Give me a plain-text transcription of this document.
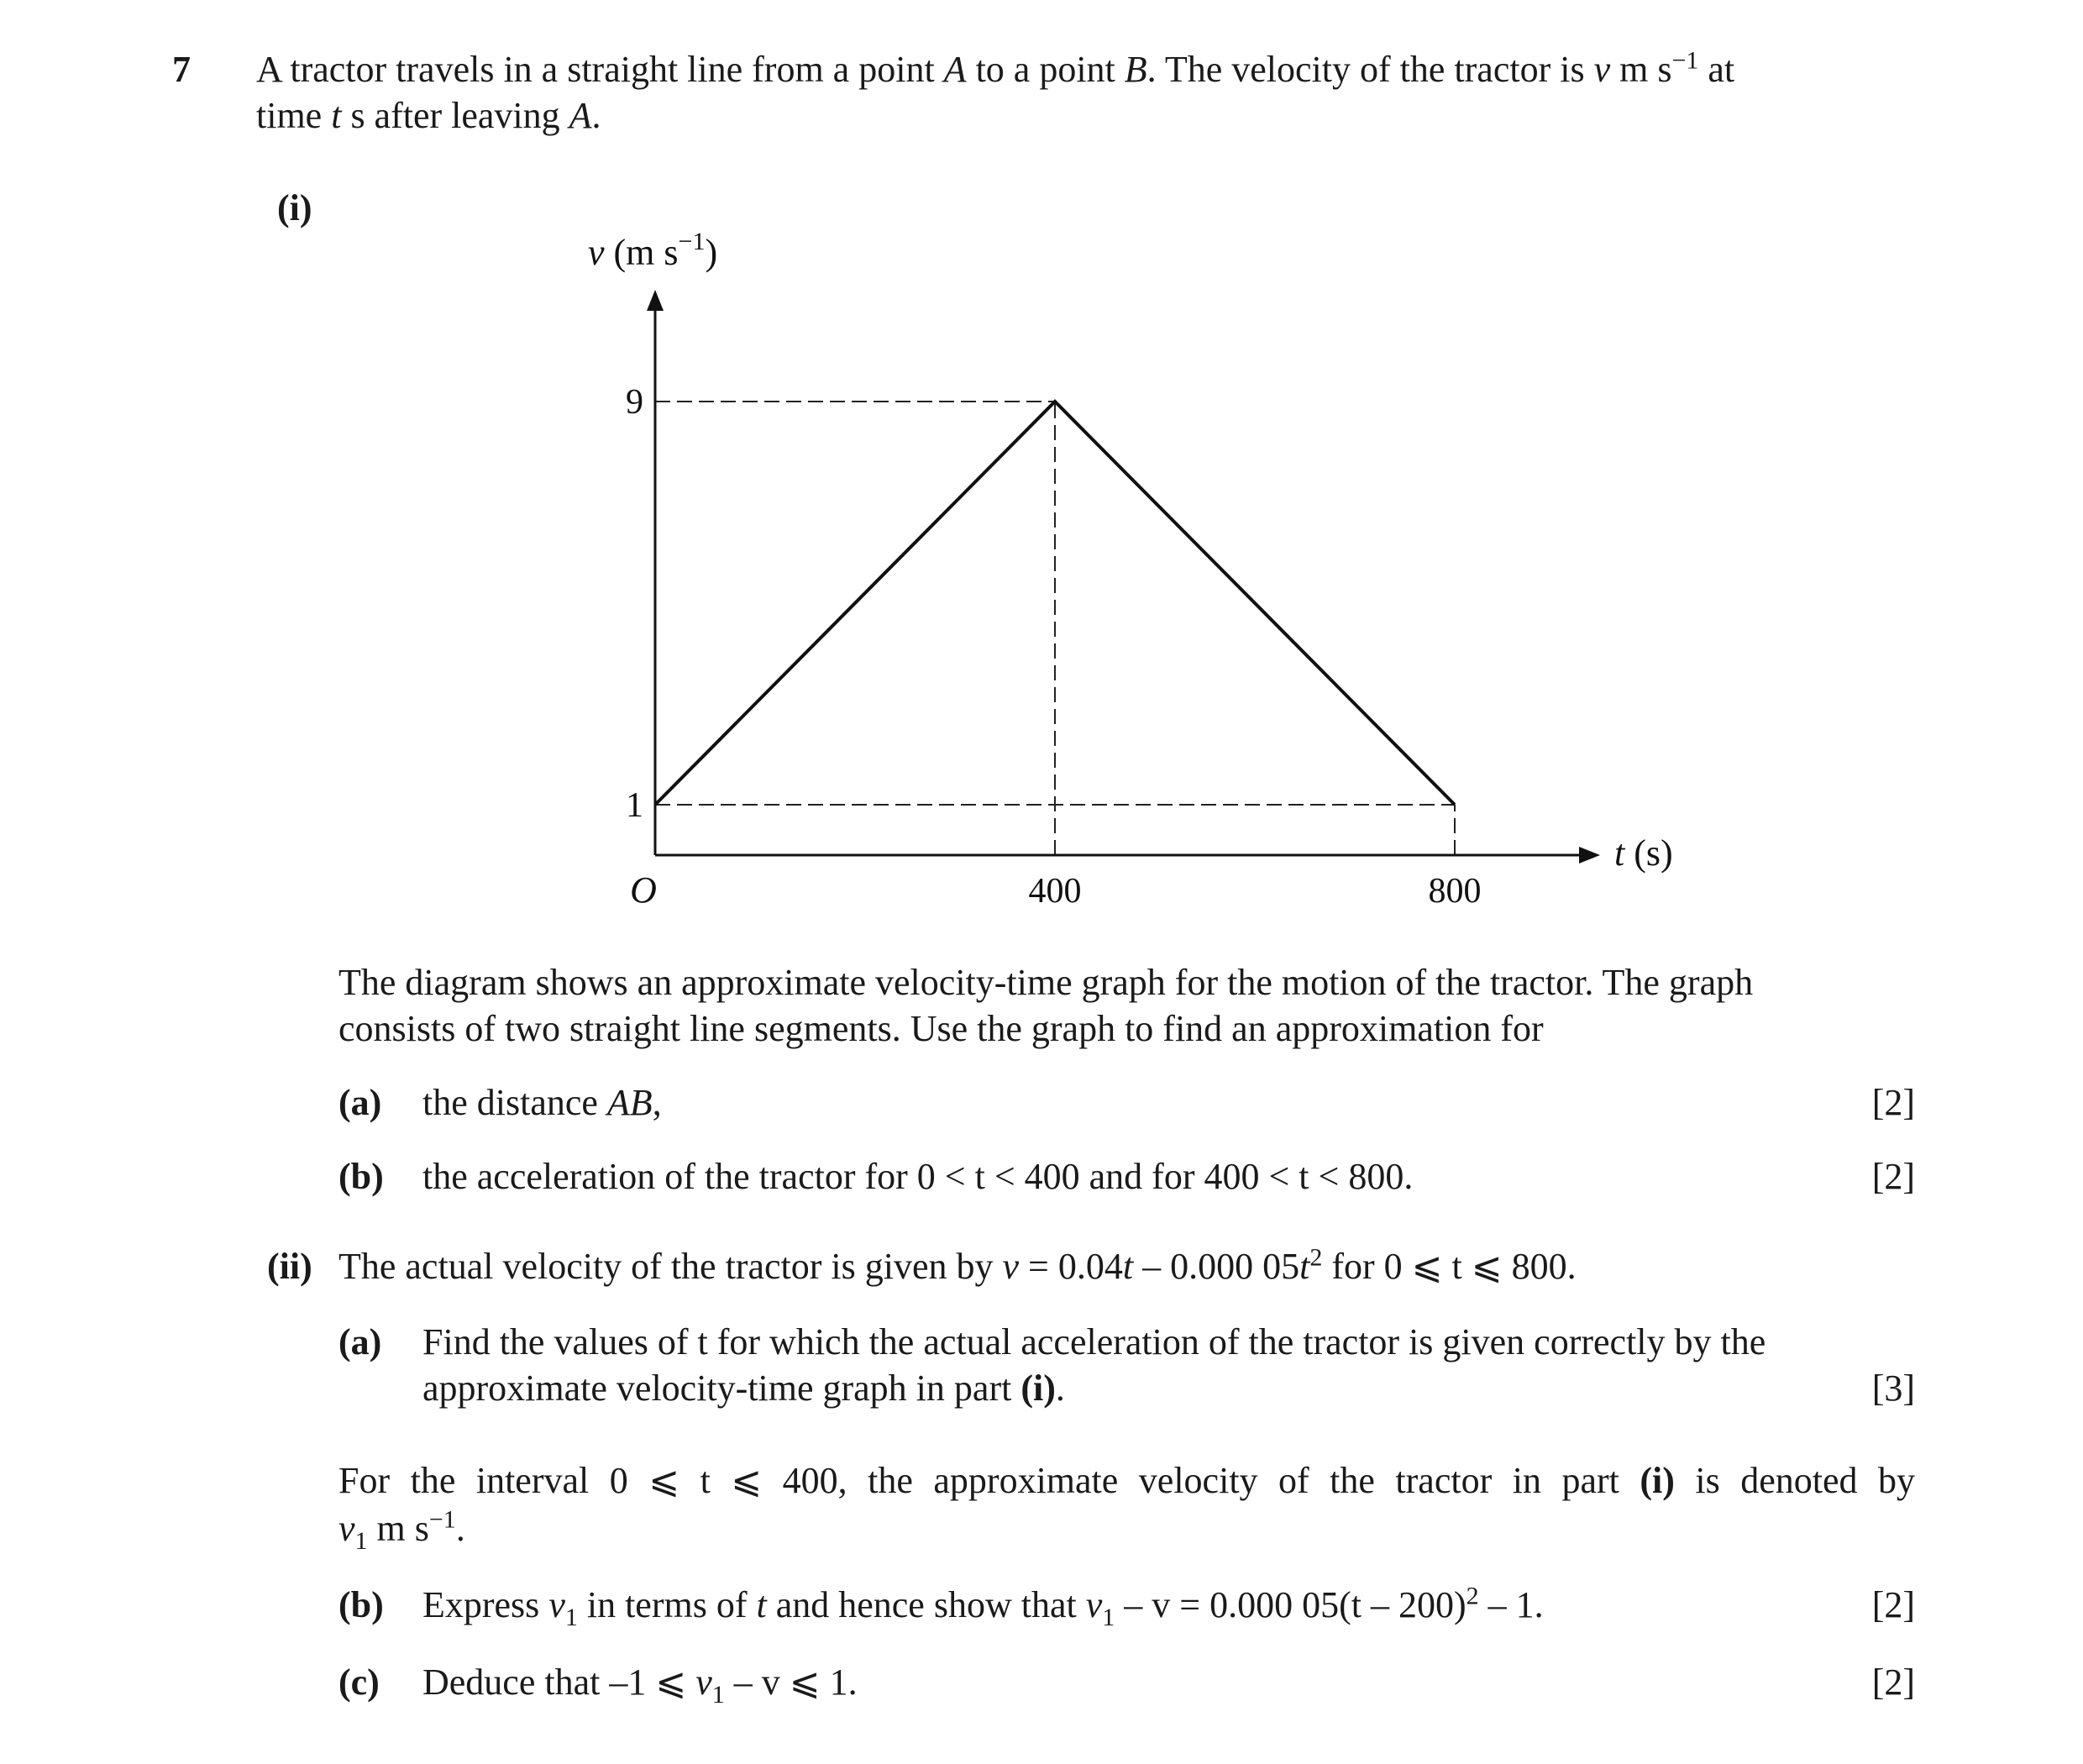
7 A tractor travels in a straight line from a point A to a point B. The velocity of the tractor is v m $s^{-1}$ at
time t s after leaving A.
(i)
1
9
400	800
O
v (m $s^{-1}$)
t (s)
The diagram shows an approximate velocity-time graph for the motion of the tractor. The graph
consists of two straight line segments. Use the graph to find an approximation for
(a) the distance AB,	[2]
(b) the acceleration of the tractor for 0 < t < 400 and for 400 < t < 800.	[2]
(ii) The actual velocity of the tractor is given by v = 0.04t – 0.000 $05t^2$ for 0 ⩽ t ⩽ 800.
(a) Find the values of t for which the actual acceleration of the tractor is given correctly by the
approximate velocity-time graph in part (i).	[3]
For the interval 0 ⩽ t ⩽ 400, the approximate velocity of the tractor in part (i) is denoted by
$v_1$ m $s^{-1}$.
(b) Express $v_1$ in terms of t and hence show that $v_1 - v = 0.000$ 05(t – 200)$^2$ – 1.	[2]
(c) Deduce that –1 ⩽ $v_1$ – v ⩽ 1.	[2]
